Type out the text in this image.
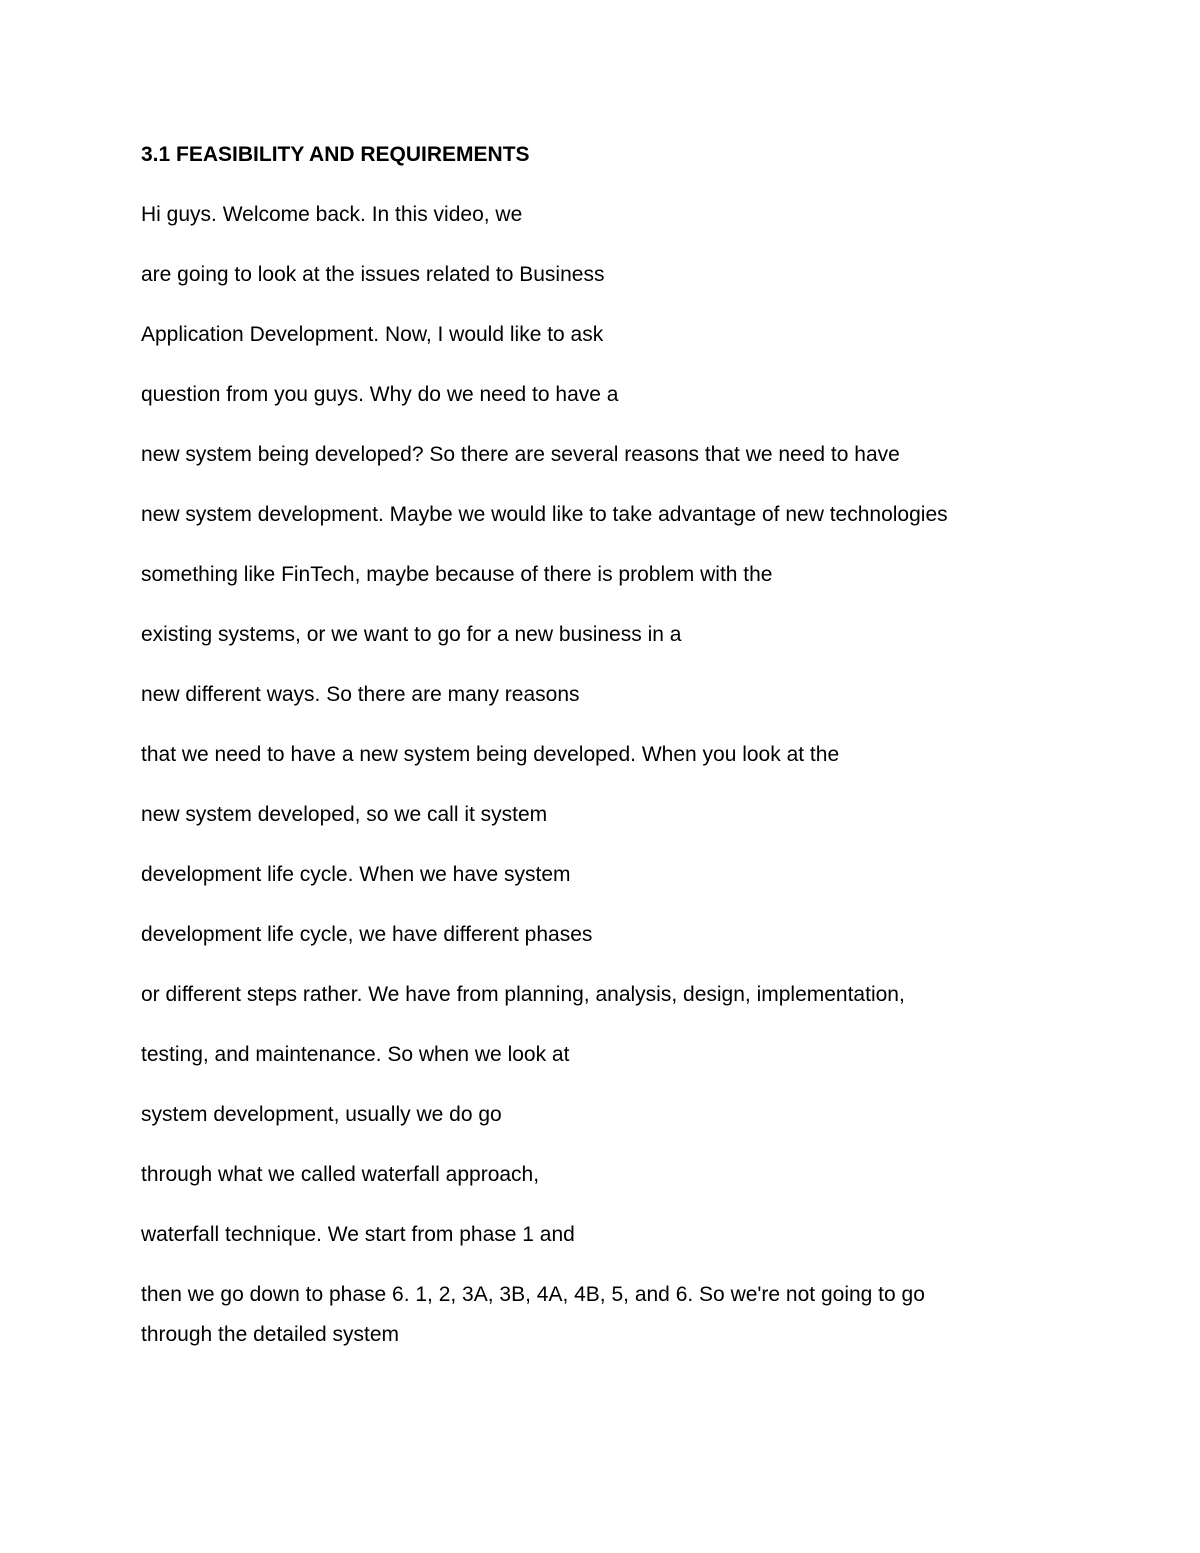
3.1 FEASIBILITY AND REQUIREMENTS

Hi guys. Welcome back. In this video, we

are going to look at the issues related to Business

Application Development. Now, I would like to ask

question from you guys. Why do we need to have a

new system being developed? So there are several reasons that we need to have

new system development. Maybe we would like to take advantage of new technologies

something like FinTech, maybe because of there is problem with the

existing systems, or we want to go for a new business in a

new different ways. So there are many reasons

that we need to have a new system being developed. When you look at the

new system developed, so we call it system

development life cycle. When we have system

development life cycle, we have different phases

or different steps rather. We have from planning, analysis, design, implementation,

testing, and maintenance. So when we look at

system development, usually we do go

through what we called waterfall approach,

waterfall technique. We start from phase 1 and

then we go down to phase 6. 1, 2, 3A, 3B, 4A, 4B, 5, and 6. So we're not going to go
through the detailed system
